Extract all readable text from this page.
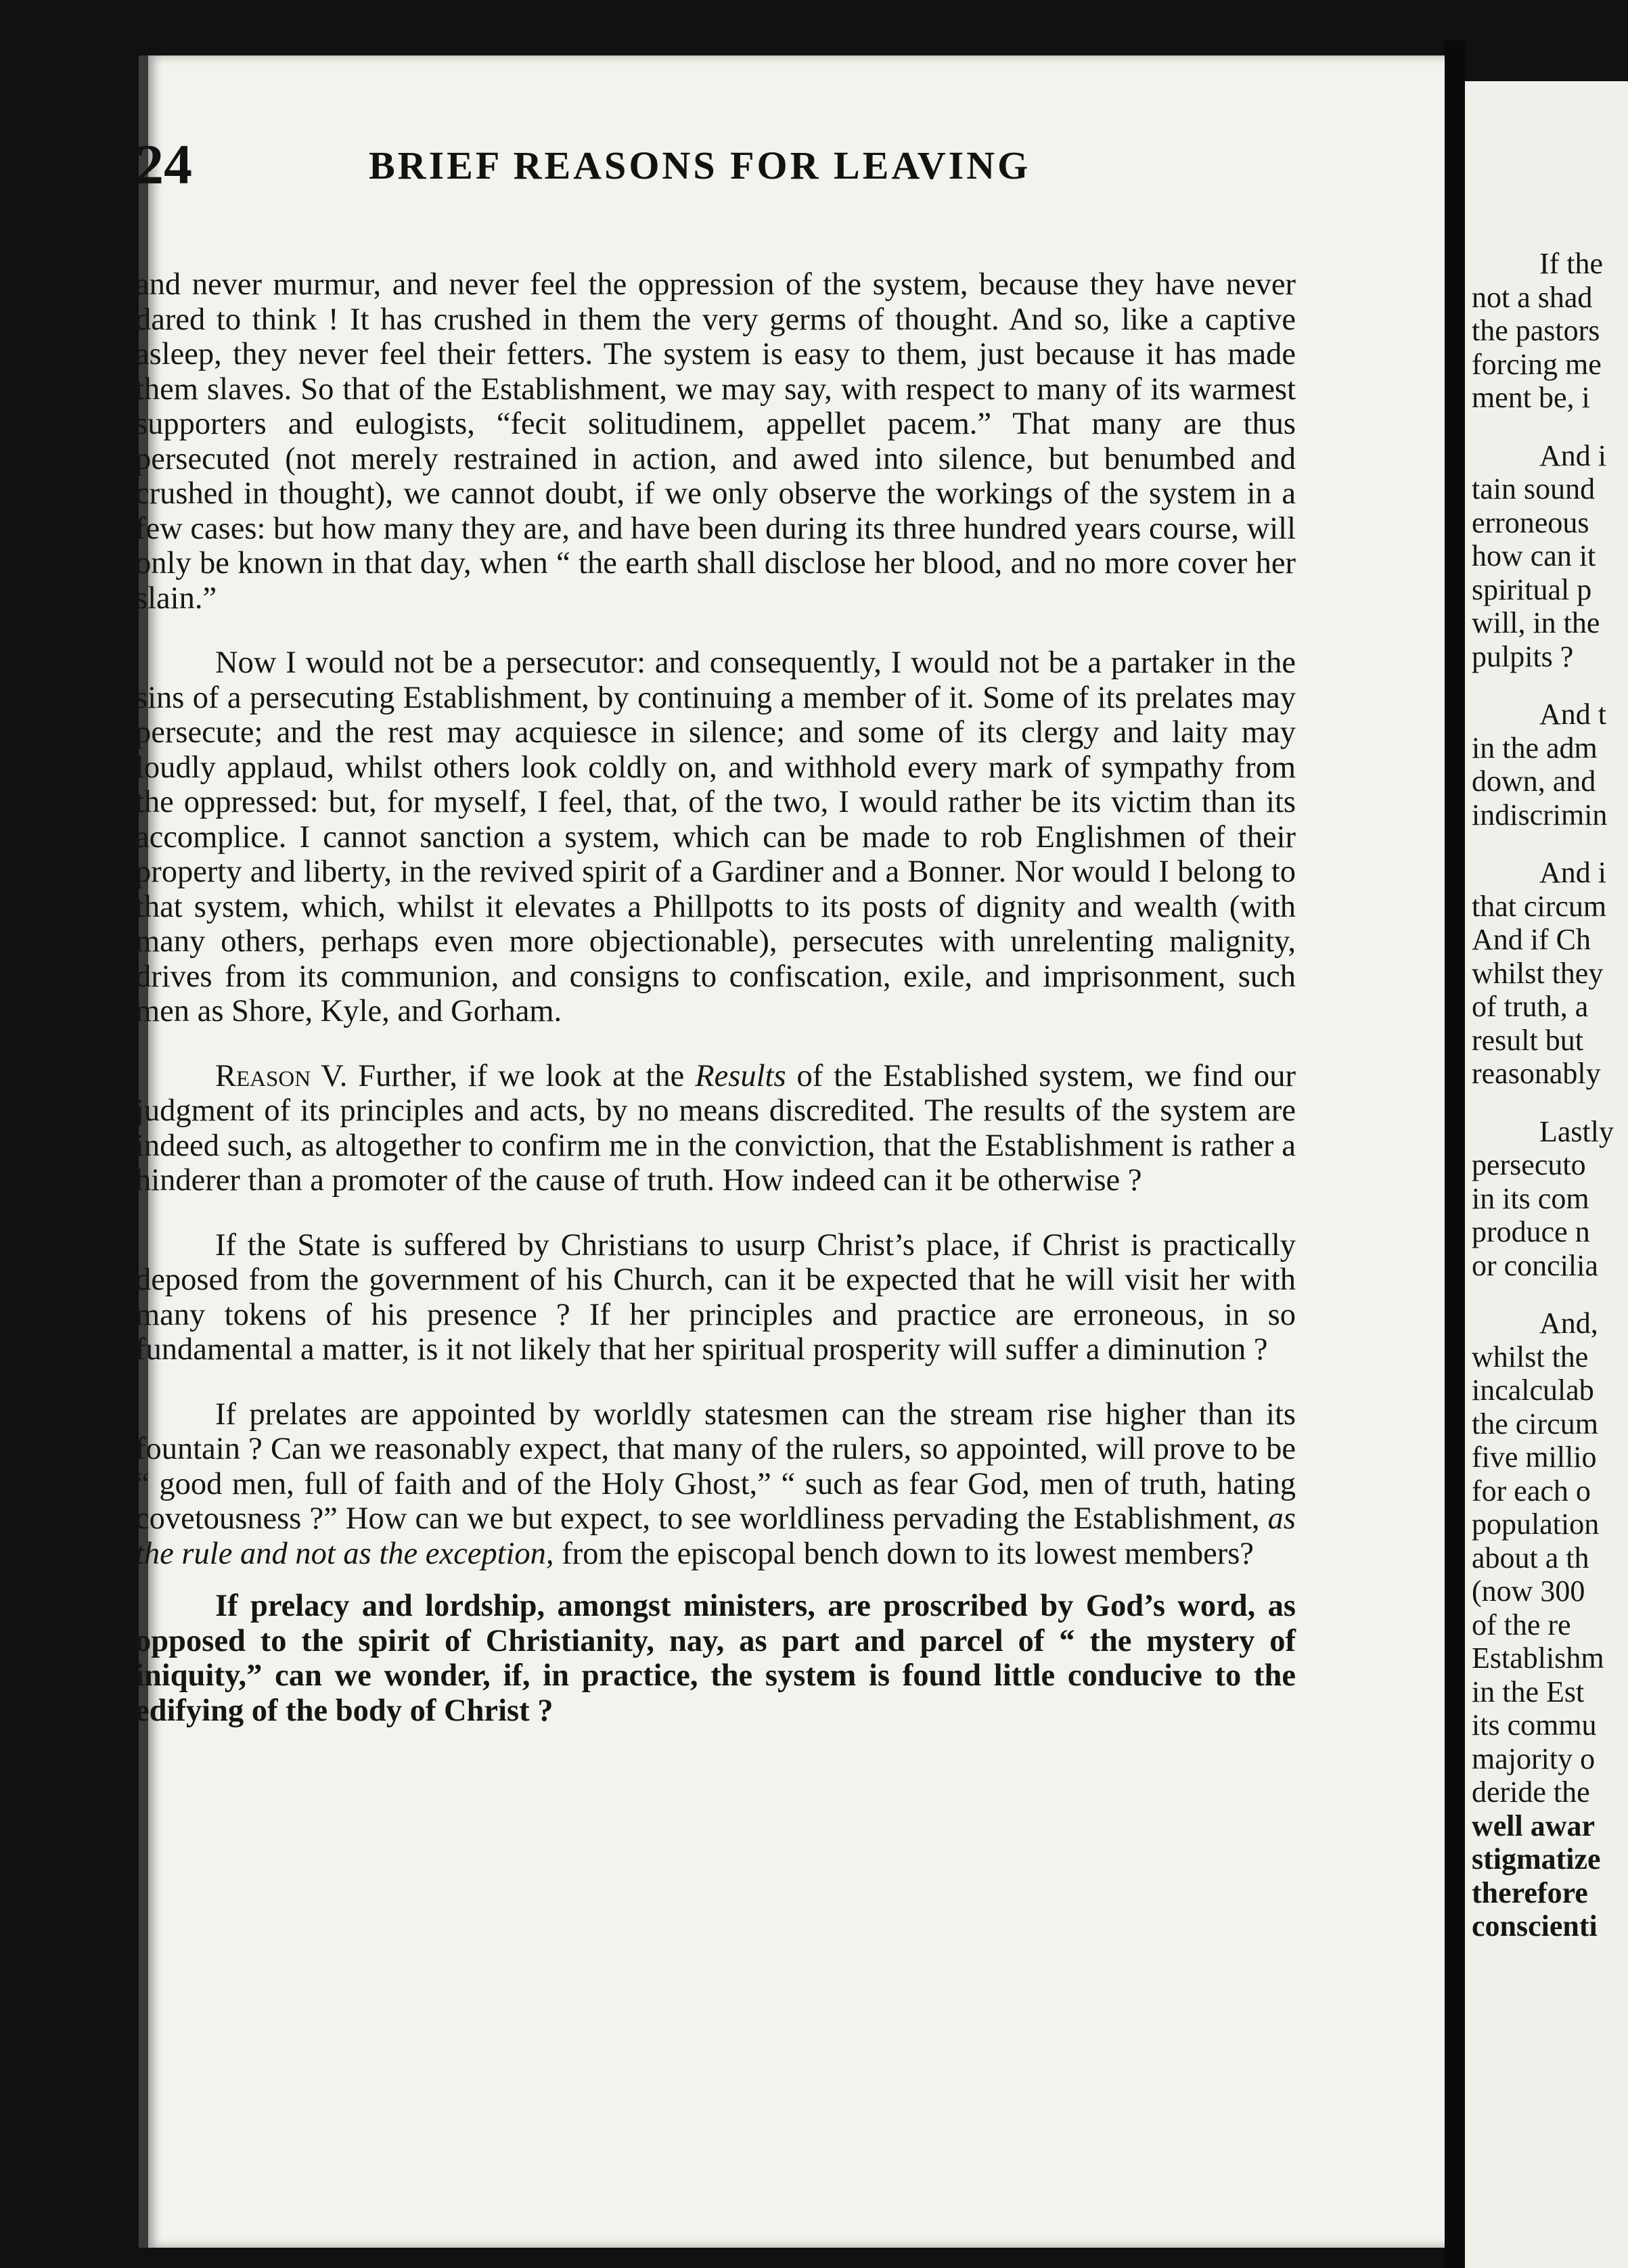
24	BRIEF REASONS FOR LEAVING

and never murmur, and never feel the oppression of the system, because they have never dared to think ! It has crushed in them the very germs of thought. And so, like a captive asleep, they never feel their fetters. The system is easy to them, just because it has made them slaves. So that of the Establishment, we may say, with respect to many of its warmest supporters and eulogists, “fecit solitudinem, appellet pacem.” That many are thus persecuted (not merely restrained in action, and awed into silence, but benumbed and crushed in thought), we cannot doubt, if we only observe the workings of the system in a few cases: but how many they are, and have been during its three hundred years course, will only be known in that day, when “ the earth shall disclose her blood, and no more cover her slain.”

Now I would not be a persecutor: and consequently, I would not be a partaker in the sins of a persecuting Establishment, by continuing a member of it. Some of its prelates may persecute; and the rest may acquiesce in silence; and some of its clergy and laity may loudly applaud, whilst others look coldly on, and withhold every mark of sympathy from the oppressed: but, for myself, I feel, that, of the two, I would rather be its victim than its accomplice. I cannot sanction a system, which can be made to rob Englishmen of their property and liberty, in the revived spirit of a Gardiner and a Bonner. Nor would I belong to that system, which, whilst it elevates a Phillpotts to its posts of dignity and wealth (with many others, perhaps even more objectionable), persecutes with unrelenting malignity, drives from its communion, and consigns to confiscation, exile, and imprisonment, such men as Shore, Kyle, and Gorham.

Reason V. Further, if we look at the Results of the Established system, we find our judgment of its principles and acts, by no means discredited. The results of the system are indeed such, as altogether to confirm me in the conviction, that the Establishment is rather a hinderer than a promoter of the cause of truth. How indeed can it be otherwise ?

If the State is suffered by Christians to usurp Christ’s place, if Christ is practically deposed from the government of his Church, can it be expected that he will visit her with many tokens of his presence ? If her principles and practice are erroneous, in so fundamental a matter, is it not likely that her spiritual prosperity will suffer a diminution ?

If prelates are appointed by worldly statesmen can the stream rise higher than its fountain ? Can we reasonably expect, that many of the rulers, so appointed, will prove to be “ good men, full of faith and of the Holy Ghost,” “ such as fear God, men of truth, hating covetousness ?” How can we but expect, to see worldliness pervading the Establishment, as the rule and not as the exception, from the episcopal bench down to its lowest members?

If prelacy and lordship, amongst ministers, are proscribed by God’s word, as opposed to the spirit of Christianity, nay, as part and parcel of “ the mystery of iniquity,” can we wonder, if, in practice, the system is found little conducive to the edifying of the body of Christ ?

If the
not a shad
the pastors
forcing me
ment be, i
And i
tain sound
erroneous
how can it
spiritual p
will, in the
pulpits ?
And t
in the adm
down, and
indiscrimin
And i
that circum
And if Ch
whilst they
of truth, a
result but
reasonably
Lastly
persecuto
in its com
produce n
or concilia
And,
whilst the
incalculab
the circum
five millio
for each o
population
about a th
(now 300
of the re
Establishm
in the Est
its commu
majority o
deride the
well awar
stigmatize
therefore
conscienti
